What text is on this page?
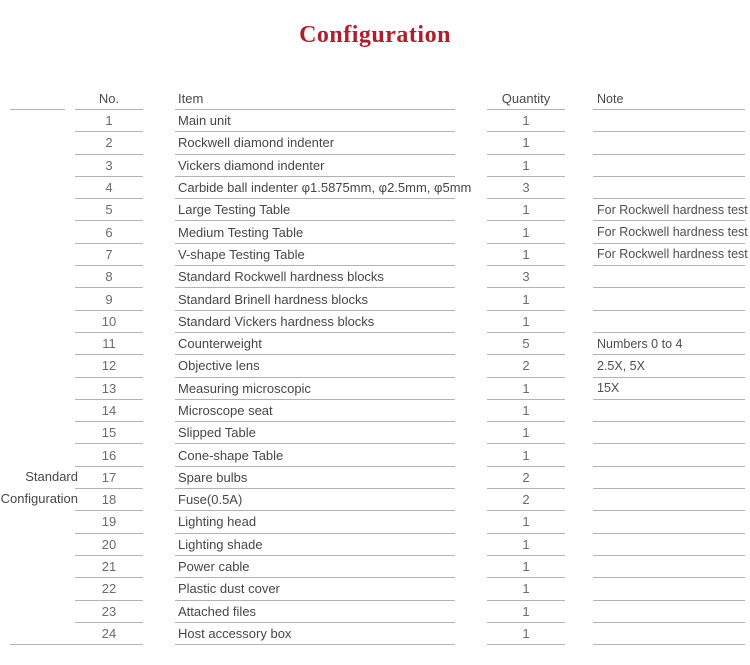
Configuration
No.	Item	Quantity	Note
1	Main unit	1
2	Rockwell diamond indenter	1
3	Vickers diamond indenter	1
4	Carbide ball indenter φ1.5875mm, φ2.5mm, φ5mm	3
5	Large Testing Table	1	For Rockwell hardness test
6	Medium Testing Table	1	For Rockwell hardness test
7	V-shape Testing Table	1	For Rockwell hardness test
8	Standard Rockwell hardness blocks	3
9	Standard Brinell hardness blocks	1
10	Standard Vickers hardness blocks	1
11	Counterweight	5	Numbers 0 to 4
12	Objective lens	2	2.5X, 5X
13	Measuring microscopic	1	15X
14	Microscope seat	1
15	Slipped Table	1
16	Cone-shape Table	1
17	Spare bulbs	2
18	Fuse(0.5A)	2
19	Lighting head	1
20	Lighting shade	1
21	Power cable	1
22	Plastic dust cover	1
23	Attached files	1
24	Host accessory box	1
Standard
Configuration
